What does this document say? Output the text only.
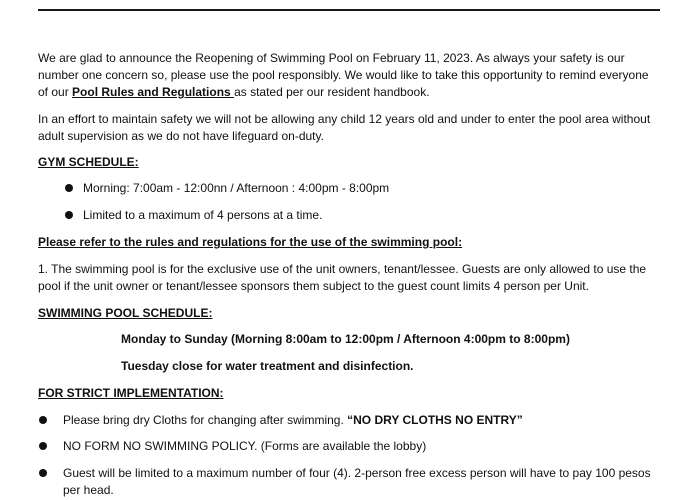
We are glad to announce the Reopening of Swimming Pool on February 11, 2023. As always your safety is our number one concern so, please use the pool responsibly. We would like to take this opportunity to remind everyone of our Pool Rules and Regulations as stated per our resident handbook.

In an effort to maintain safety we will not be allowing any child 12 years old and under to enter the pool area without adult supervision as we do not have lifeguard on-duty.

GYM SCHEDULE:

Morning: 7:00am - 12:00nn / Afternoon : 4:00pm - 8:00pm
Limited to a maximum of 4 persons at a time.

Please refer to the rules and regulations for the use of the swimming pool:

1. The swimming pool is for the exclusive use of the unit owners, tenant/lessee. Guests are only allowed to use the pool if the unit owner or tenant/lessee sponsors them subject to the guest count limits 4 person per Unit.

SWIMMING POOL SCHEDULE:

Monday to Sunday (Morning 8:00am to 12:00pm / Afternoon 4:00pm to 8:00pm)

Tuesday close for water treatment and disinfection.

FOR STRICT IMPLEMENTATION:

Please bring dry Cloths for changing after swimming. “NO DRY CLOTHS NO ENTRY”
NO FORM NO SWIMMING POLICY. (Forms are available the lobby)
Guest will be limited to a maximum number of four (4). 2-person free excess person will have to pay 100 pesos per head.
